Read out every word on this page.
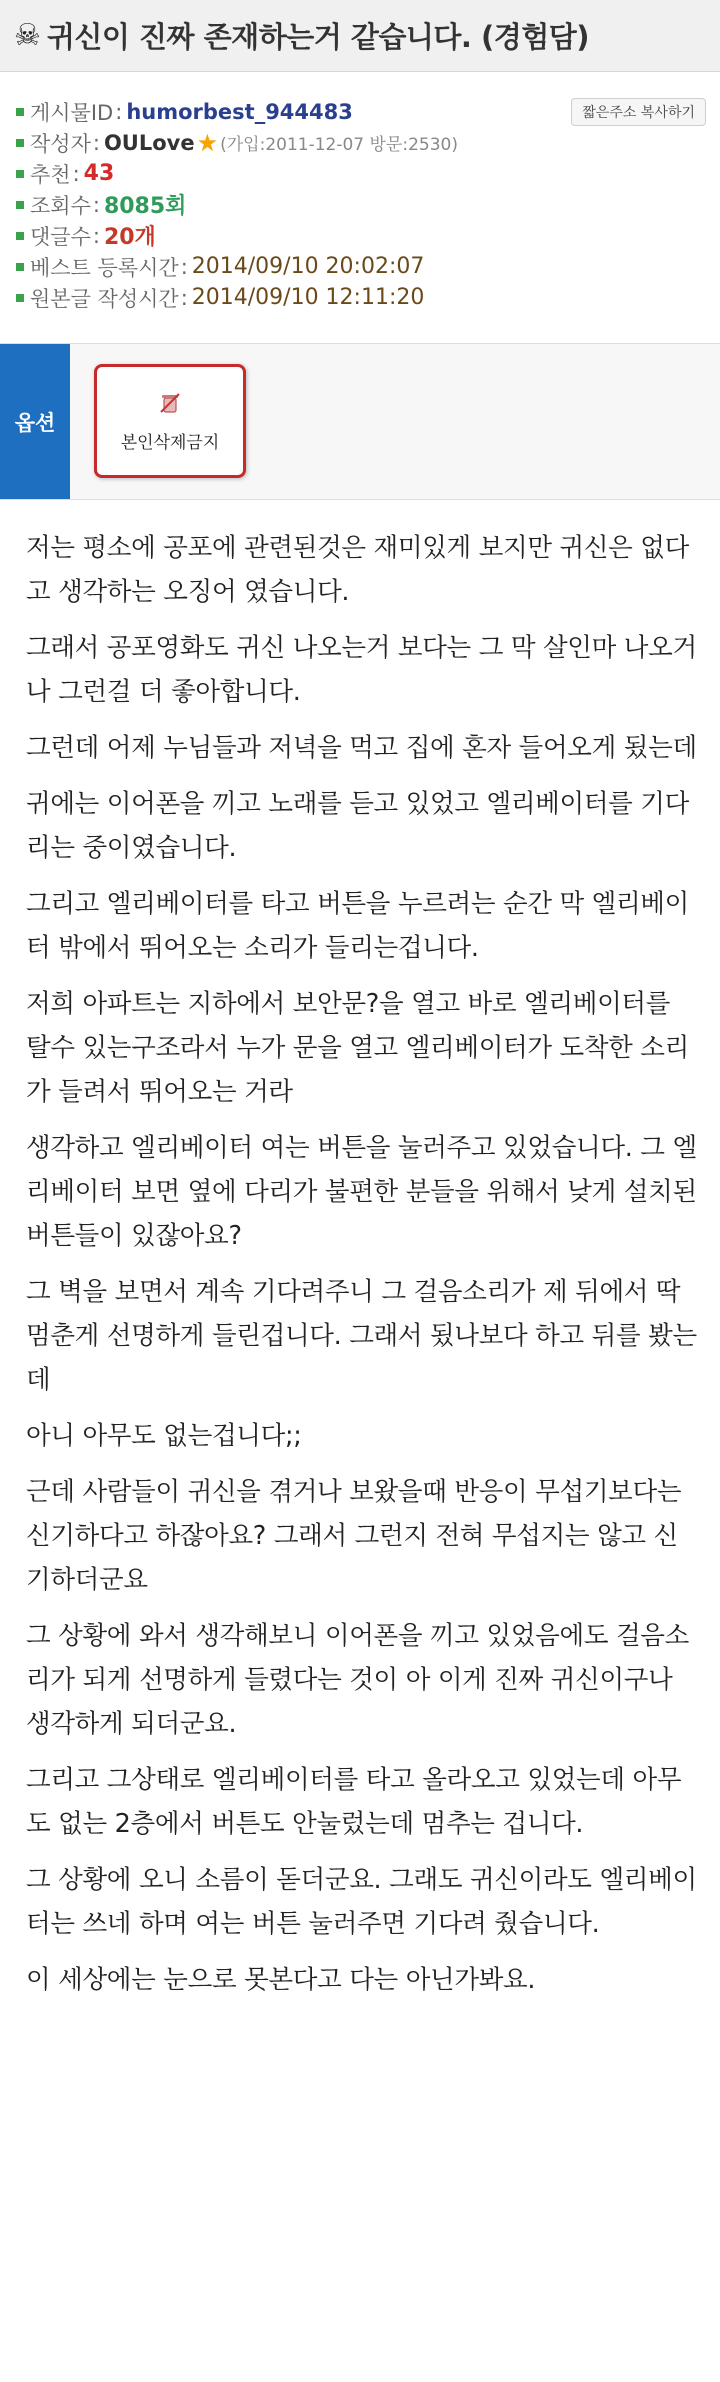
☠ 귀신이 진짜 존재하는거 같습니다. (경험담)
짧은주소 복사하기
게시물ID : humorbest_944483
작성자 : OULove ★ (가입:2011-12-07 방문:2530)
추천 : 43
조회수 : 8085회
댓글수 : 20개
베스트 등록시간 : 2014/09/10 20:02:07
원본글 작성시간 : 2014/09/10 12:11:20
옵션
본인삭제금지

저는 평소에 공포에 관련된것은 재미있게 보지만 귀신은 없다고 생각하는 오징어 였습니다.

그래서 공포영화도 귀신 나오는거 보다는 그 막 살인마 나오거나 그런걸 더 좋아합니다.

그런데 어제 누님들과 저녁을 먹고 집에 혼자 들어오게 됬는데

귀에는 이어폰을 끼고 노래를 듣고 있었고 엘리베이터를 기다리는 중이였습니다.

그리고 엘리베이터를 타고 버튼을 누르려는 순간 막 엘리베이터 밖에서 뛰어오는 소리가 들리는겁니다.

저희 아파트는 지하에서 보안문?을 열고 바로 엘리베이터를 탈수 있는구조라서 누가 문을 열고 엘리베이터가 도착한 소리가 들려서 뛰어오는 거라

생각하고 엘리베이터 여는 버튼을 눌러주고 있었습니다. 그 엘리베이터 보면 옆에 다리가 불편한 분들을 위해서 낮게 설치된 버튼들이 있잖아요?

그 벽을 보면서 계속 기다려주니 그 걸음소리가 제 뒤에서 딱 멈춘게 선명하게 들린겁니다. 그래서 됬나보다 하고 뒤를 봤는데

아니 아무도 없는겁니다;;

근데 사람들이 귀신을 겪거나 보왔을때 반응이 무섭기보다는 신기하다고 하잖아요? 그래서 그런지 전혀 무섭지는 않고 신기하더군요

그 상황에 와서 생각해보니 이어폰을 끼고 있었음에도 걸음소리가 되게 선명하게 들렸다는 것이 아 이게 진짜 귀신이구나 생각하게 되더군요.

그리고 그상태로 엘리베이터를 타고 올라오고 있었는데 아무도 없는 2층에서 버튼도 안눌렀는데 멈추는 겁니다.

그 상황에 오니 소름이 돋더군요. 그래도 귀신이라도 엘리베이터는 쓰네 하며 여는 버튼 눌러주면 기다려 줬습니다.

이 세상에는 눈으로 못본다고 다는 아닌가봐요.
